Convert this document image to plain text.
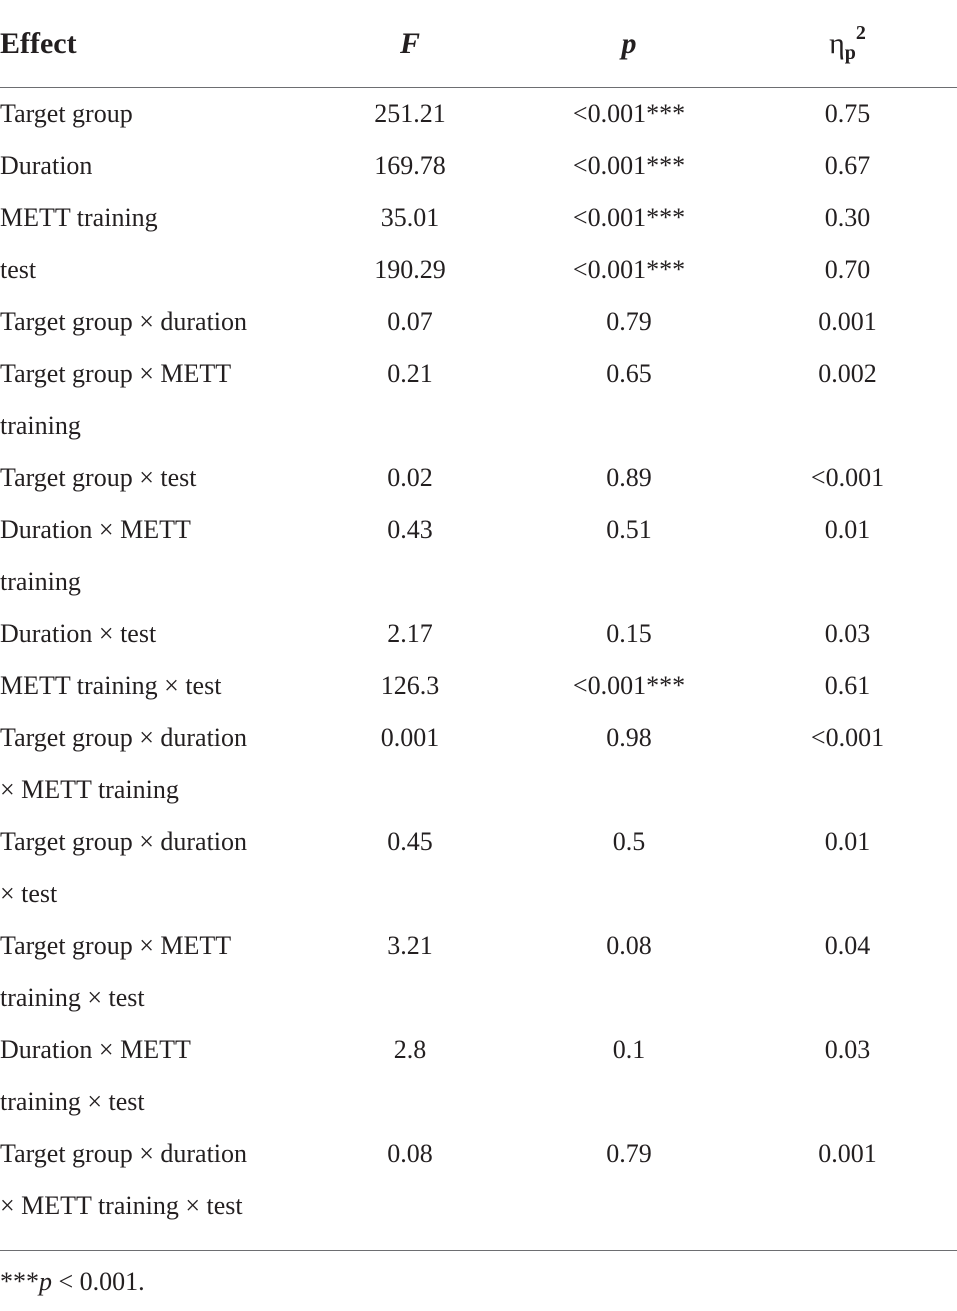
Effect	F	p	$\eta_p^2$
Target group	251.21	<0.001***	0.75
Duration	169.78	<0.001***	0.67
METT training	35.01	<0.001***	0.30
test	190.29	<0.001***	0.70
Target group × duration	0.07	0.79	0.001
Target group × METT
training	0.21	0.65	0.002
Target group × test	0.02	0.89	<0.001
Duration × METT
training	0.43	0.51	0.01
Duration × test	2.17	0.15	0.03
METT training × test	126.3	<0.001***	0.61
Target group × duration
× METT training	0.001	0.98	<0.001
Target group × duration
× test	0.45	0.5	0.01
Target group × METT
training × test	3.21	0.08	0.04
Duration × METT
training × test	2.8	0.1	0.03
Target group × duration
× METT training × test	0.08	0.79	0.001
***p < 0.001.
